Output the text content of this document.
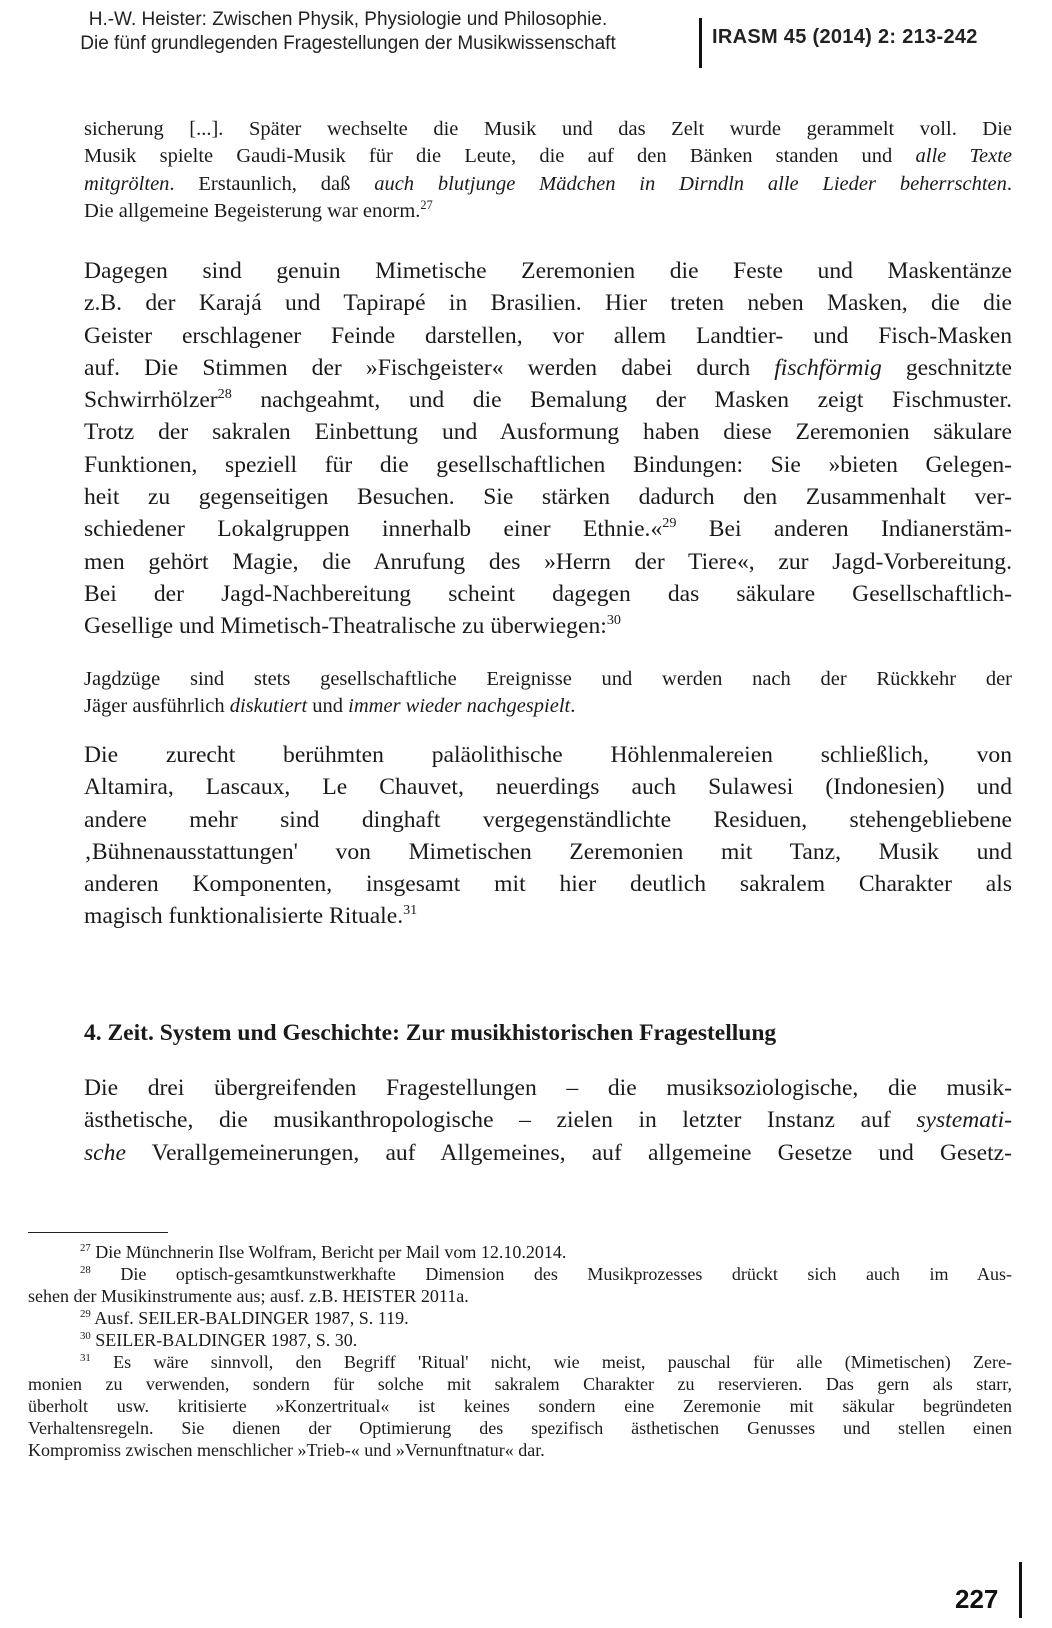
H.-W. Heister: Zwischen Physik, Physiologie und Philosophie.
Die fünf grundlegenden Fragestellungen der Musikwissenschaft	IRASM 45 (2014) 2: 213-242
sicherung [...]. Später wechselte die Musik und das Zelt wurde gerammelt voll. Die
Musik spielte Gaudi-Musik für die Leute, die auf den Bänken standen und alle Texte
mitgrölten. Erstaunlich, daß auch blutjunge Mädchen in Dirndln alle Lieder beherrschten.
Die allgemeine Begeisterung war enorm.$^{27}$
Dagegen sind genuin Mimetische Zeremonien die Feste und Maskentänze
z.B. der Karajá und Tapirapé in Brasilien. Hier treten neben Masken, die die
Geister erschlagener Feinde darstellen, vor allem Landtier- und Fisch-Masken
auf. Die Stimmen der »Fischgeister« werden dabei durch fischförmig geschnitzte
Schwirrhölzer$^{28}$ nachgeahmt, und die Bemalung der Masken zeigt Fischmuster.
Trotz der sakralen Einbettung und Ausformung haben diese Zeremonien säkulare
Funktionen, speziell für die gesellschaftlichen Bindungen: Sie »bieten Gelegen-
heit zu gegenseitigen Besuchen. Sie stärken dadurch den Zusammenhalt ver-
schiedener Lokalgruppen innerhalb einer Ethnie.«$^{29}$ Bei anderen Indianerstäm-
men gehört Magie, die Anrufung des »Herrn der Tiere«, zur Jagd-Vorbereitung.
Bei der Jagd-Nachbereitung scheint dagegen das säkulare Gesellschaftlich-
Gesellige und Mimetisch-Theatralische zu überwiegen:$^{30}$
Jagdzüge sind stets gesellschaftliche Ereignisse und werden nach der Rückkehr der
Jäger ausführlich diskutiert und immer wieder nachgespielt.
Die zurecht berühmten paläolithische Höhlenmalereien schließlich, von
Altamira, Lascaux, Le Chauvet, neuerdings auch Sulawesi (Indonesien) und
andere mehr sind dinghaft vergegenständlichte Residuen, stehengebliebene
‚Bühnenausstattungen' von Mimetischen Zeremonien mit Tanz, Musik und
anderen Komponenten, insgesamt mit hier deutlich sakralem Charakter als
magisch funktionalisierte Rituale.$^{31}$
4. Zeit. System und Geschichte: Zur musikhistorischen Fragestellung
Die drei übergreifenden Fragestellungen – die musiksoziologische, die musik-
ästhetische, die musikanthropologische – zielen in letzter Instanz auf systemati-
sche Verallgemeinerungen, auf Allgemeines, auf allgemeine Gesetze und Gesetz-
$^{27}$ Die Münchnerin Ilse Wolfram, Bericht per Mail vom 12.10.2014.
$^{28}$ Die optisch-gesamtkunstwerkhafte Dimension des Musikprozesses drückt sich auch im Aus-
sehen der Musikinstrumente aus; ausf. z.B. HEISTER 2011a.
$^{29}$ Ausf. SEILER-BALDINGER 1987, S. 119.
$^{30}$ SEILER-BALDINGER 1987, S. 30.
$^{31}$ Es wäre sinnvoll, den Begriff 'Ritual' nicht, wie meist, pauschal für alle (Mimetischen) Zere-
monien zu verwenden, sondern für solche mit sakralem Charakter zu reservieren. Das gern als starr,
überholt usw. kritisierte »Konzertritual« ist keines sondern eine Zeremonie mit säkular begründeten
Verhaltensregeln. Sie dienen der Optimierung des spezifisch ästhetischen Genusses und stellen einen
Kompromiss zwischen menschlicher »Trieb-« und »Vernunftnatur« dar.
227
